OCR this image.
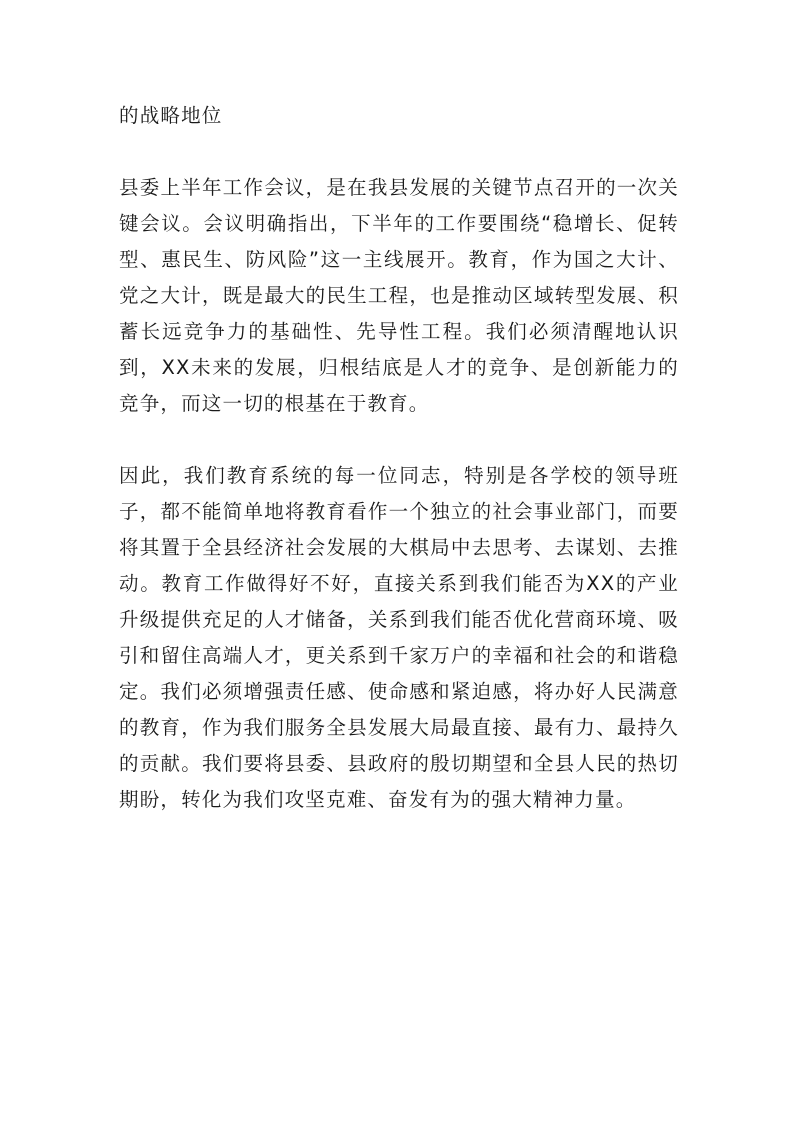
的战略地位

县委上半年工作会议，是在我县发展的关键节点召开的一次关键会议。会议明确指出，下半年的工作要围绕“稳增长、促转型、惠民生、防风险”这一主线展开。教育，作为国之大计、党之大计，既是最大的民生工程，也是推动区域转型发展、积蓄长远竞争力的基础性、先导性工程。我们必须清醒地认识到，XX未来的发展，归根结底是人才的竞争、是创新能力的竞争，而这一切的根基在于教育。

因此，我们教育系统的每一位同志，特别是各学校的领导班子，都不能简单地将教育看作一个独立的社会事业部门，而要将其置于全县经济社会发展的大棋局中去思考、去谋划、去推动。教育工作做得好不好，直接关系到我们能否为XX的产业升级提供充足的人才储备，关系到我们能否优化营商环境、吸引和留住高端人才，更关系到千家万户的幸福和社会的和谐稳定。我们必须增强责任感、使命感和紧迫感，将办好人民满意的教育，作为我们服务全县发展大局最直接、最有力、最持久的贡献。我们要将县委、县政府的殷切期望和全县人民的热切期盼，转化为我们攻坚克难、奋发有为的强大精神力量。
